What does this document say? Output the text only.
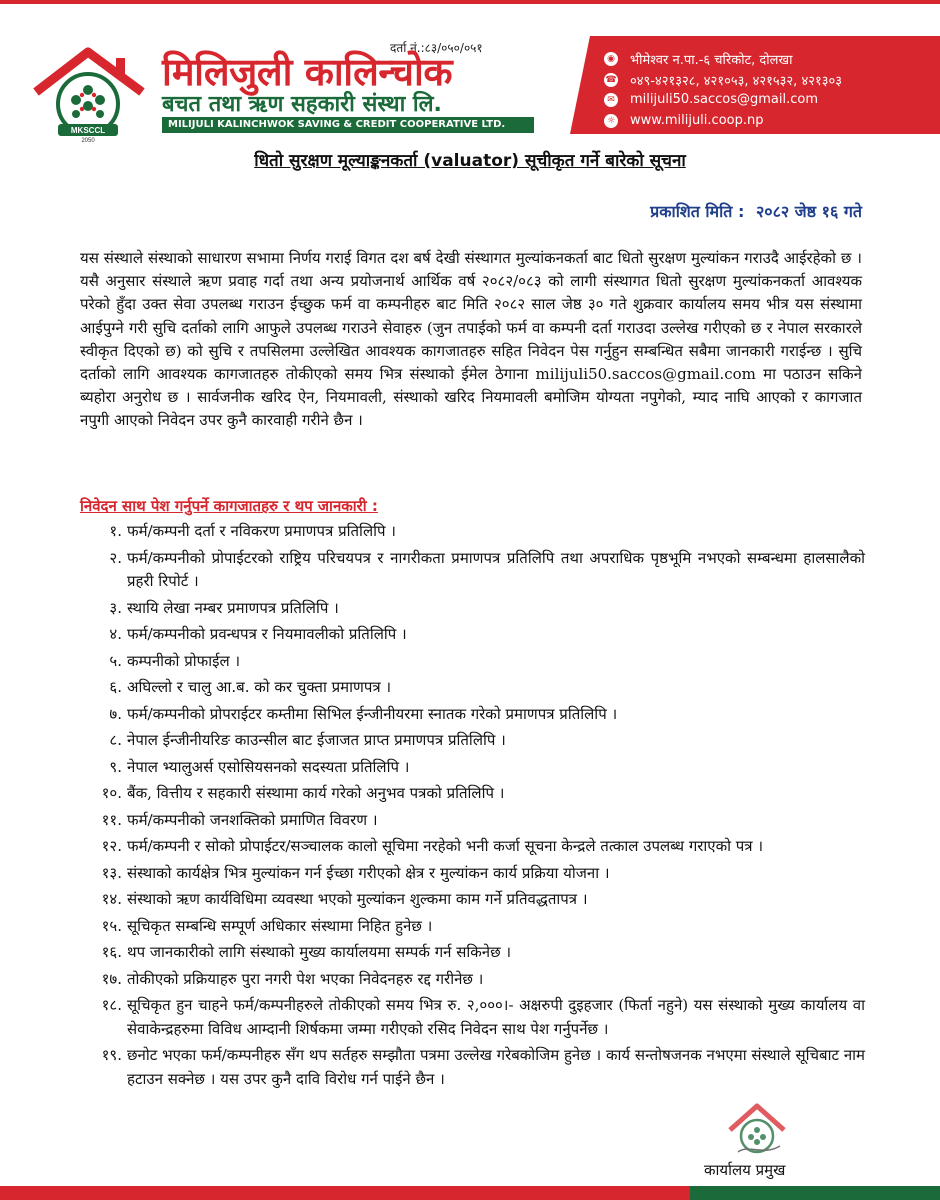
MKSCCL
2050
दर्ता नं.:८३/०५०/०५१
मिलिजुली कालिन्चोक
बचत तथा ऋण सहकारी संस्था लि.
MILIJULI KALINCHWOK SAVING & CREDIT COOPERATIVE LTD.
◉ भीमेश्वर न.पा.-६ चरिकोट, दोलखा
☎ ०४९-४२१३२८, ४२१०५३, ४२१५३२, ४२१३०३
✉ milijuli50.saccos@gmail.com
☼ www.milijuli.coop.np
धितो सुरक्षण मूल्याङ्कनकर्ता (valuator) सूचीकृत गर्ने बारेको सूचना
प्रकाशित मिति : २०८२ जेष्ठ १६ गते
यस संस्थाले संस्थाको साधारण सभामा निर्णय गराई विगत दश बर्ष देखी संस्थागत मुल्यांकनकर्ता बाट धितो सुरक्षण मुल्यांकन गराउदै आईरहेको छ । यसै अनुसार संस्थाले ऋण प्रवाह गर्दा तथा अन्य प्रयोजनार्थ आर्थिक वर्ष २०८२/०८३ को लागी संस्थागत धितो सुरक्षण मुल्यांकनकर्ता आवश्यक परेको हुँदा उक्त सेवा उपलब्ध गराउन ईच्छुक फर्म वा कम्पनीहरु बाट मिति २०८२ साल जेष्ठ ३० गते शुक्रवार कार्यालय समय भीत्र यस संस्थामा आईपुग्ने गरी सुचि दर्ताको लागि आफुले उपलब्ध गराउने सेवाहरु (जुन तपाईको फर्म वा कम्पनी दर्ता गराउदा उल्लेख गरीएको छ र नेपाल सरकारले स्वीकृत दिएको छ) को सुचि र तपसिलमा उल्लेखित आवश्यक कागजातहरु सहित निवेदन पेस गर्नुहुन सम्बन्धित सबैमा जानकारी गराईन्छ । सुचि दर्ताको लागि आवश्यक कागजातहरु तोकीएको समय भित्र संस्थाको ईमेल ठेगाना milijuli50.saccos@gmail.com मा पठाउन सकिने ब्यहोरा अनुरोध छ । सार्वजनीक खरिद ऐन, नियमावली, संस्थाको खरिद नियमावली बमोजिम योग्यता नपुगेको, म्याद नाघि आएको र कागजात नपुगी आएको निवेदन उपर कुनै कारवाही गरीने छैन ।
निवेदन साथ पेश गर्नुपर्ने कागजातहरु र थप जानकारी :
१. फर्म/कम्पनी दर्ता र नविकरण प्रमाणपत्र प्रतिलिपि ।
२. फर्म/कम्पनीको प्रोपाईटरको राष्ट्रिय परिचयपत्र र नागरीकता प्रमाणपत्र प्रतिलिपि तथा अपराधिक पृष्ठभूमि नभएको सम्बन्धमा हालसालैको प्रहरी रिपोर्ट ।
३. स्थायि लेखा नम्बर प्रमाणपत्र प्रतिलिपि ।
४. फर्म/कम्पनीको प्रवन्धपत्र र नियमावलीको प्रतिलिपि ।
५. कम्पनीको प्रोफाईल ।
६. अघिल्लो र चालु आ.ब. को कर चुक्ता प्रमाणपत्र ।
७. फर्म/कम्पनीको प्रोपराईटर कम्तीमा सिभिल ईन्जीनीयरमा स्नातक गरेको प्रमाणपत्र प्रतिलिपि ।
८. नेपाल ईन्जीनीयरिङ काउन्सील बाट ईजाजत प्राप्त प्रमाणपत्र प्रतिलिपि ।
९. नेपाल भ्यालुअर्स एसोसियसनको सदस्यता प्रतिलिपि ।
१०. बैंक, वित्तीय र सहकारी संस्थामा कार्य गरेको अनुभव पत्रको प्रतिलिपि ।
११. फर्म/कम्पनीको जनशक्तिको प्रमाणित विवरण ।
१२. फर्म/कम्पनी र सोको प्रोपाईटर/सञ्चालक कालो सूचिमा नरहेको भनी कर्जा सूचना केन्द्रले तत्काल उपलब्ध गराएको पत्र ।
१३. संस्थाको कार्यक्षेत्र भित्र मुल्यांकन गर्न ईच्छा गरीएको क्षेत्र र मुल्यांकन कार्य प्रक्रिया योजना ।
१४. संस्थाको ऋण कार्यविधिमा व्यवस्था भएको मुल्यांकन शुल्कमा काम गर्ने प्रतिवद्धतापत्र ।
१५. सूचिकृत सम्बन्धि सम्पूर्ण अधिकार संस्थामा निहित हुनेछ ।
१६. थप जानकारीको लागि संस्थाको मुख्य कार्यालयमा सम्पर्क गर्न सकिनेछ ।
१७. तोकीएको प्रक्रियाहरु पुरा नगरी पेश भएका निवेदनहरु रद्द गरीनेछ ।
१८. सूचिकृत हुन चाहने फर्म/कम्पनीहरुले तोकीएको समय भित्र रु. २,०००।- अक्षरुपी दुइहजार (फिर्ता नहुने) यस संस्थाको मुख्य कार्यालय वा सेवाकेन्द्रहरुमा विविध आम्दानी शिर्षकमा जम्मा गरीएको रसिद निवेदन साथ पेश गर्नुपर्नेछ ।
१९. छनोट भएका फर्म/कम्पनीहरु सँग थप सर्तहरु सम्झौता पत्रमा उल्लेख गरेबकोजिम हुनेछ । कार्य सन्तोषजनक नभएमा संस्थाले सूचिबाट नाम हटाउन सक्नेछ । यस उपर कुनै दावि विरोध गर्न पाईने छैन ।
कार्यालय प्रमुख
